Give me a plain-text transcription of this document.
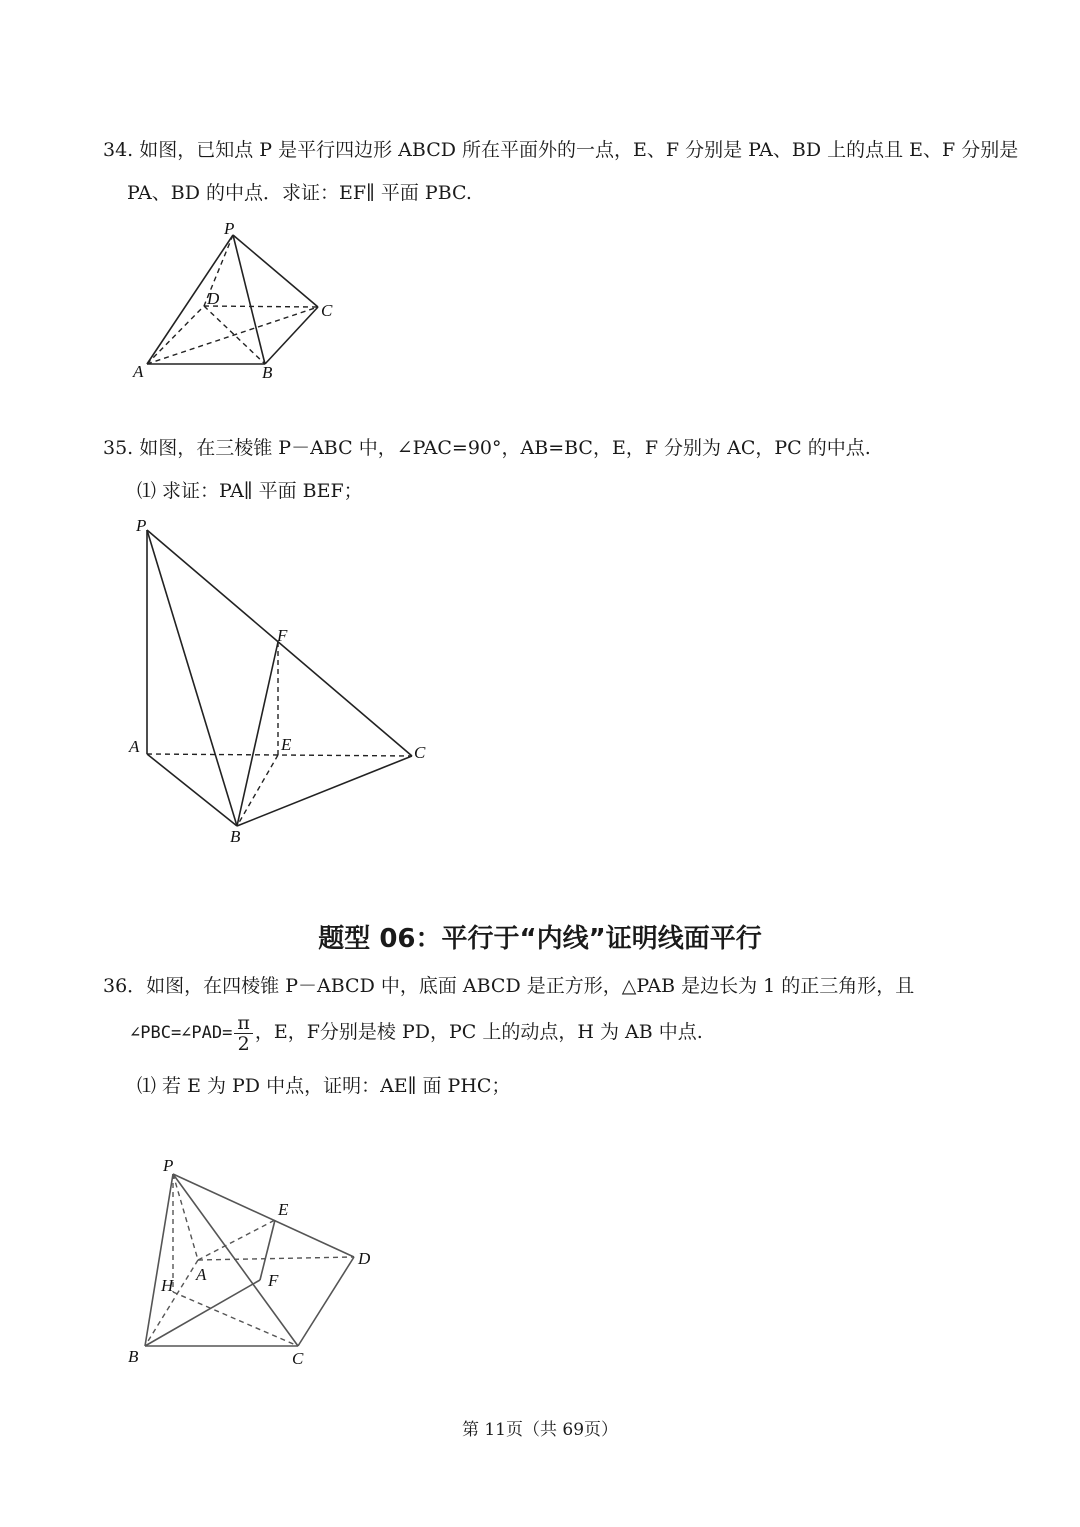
34. 如图，已知点 P 是平行四边形 ABCD 所在平面外的一点，E、F 分别是 PA、BD 上的点且 E、F 分别是
PA、BD 的中点．求证：EF∥ 平面 PBC.
P
D
C
A	B
35. 如图，在三棱锥 P－ABC 中，∠PAC=90°，AB=BC，E，F 分别为 AC，PC 的中点.
⑴ 求证：PA∥ 平面 BEF；
P
F
A	E	C
B
题型 06：平行于“内线”证明线面平行
36．如图，在四棱锥 P－ABCD 中，底面 ABCD 是正方形，△PAB 是边长为 1 的正三角形，且
∠PBC=∠PAD= $\frac{\pi}{2}$ ，E，F分别是棱 PD，PC 上的动点，H 为 AB 中点.
⑴ 若 E 为 PD 中点，证明：AE∥ 面 PHC；
P
E
D
A	F
H
B	C
第 11页（共 69页）
